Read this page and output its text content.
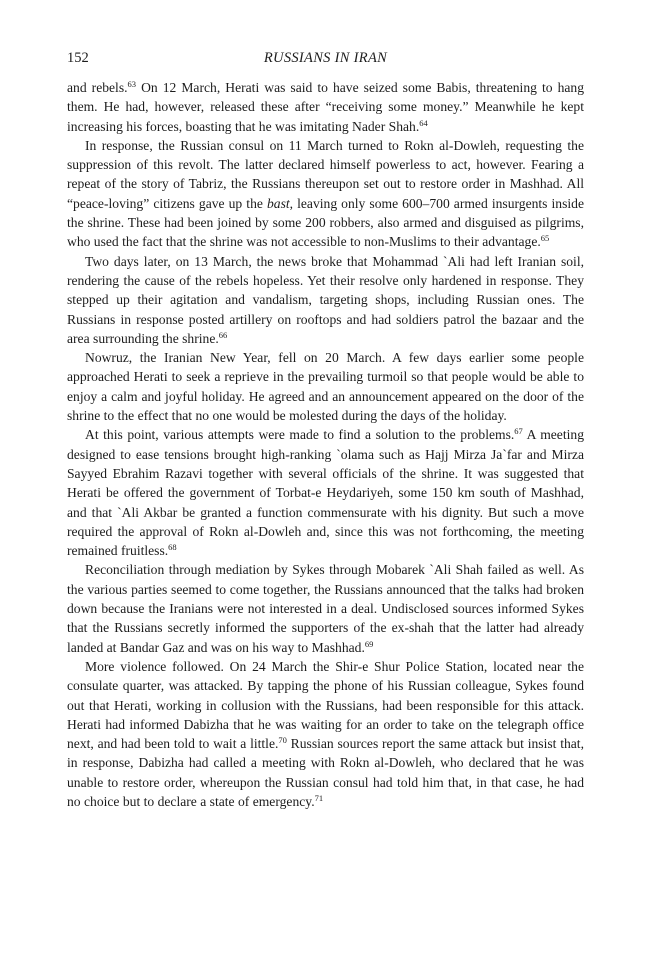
152	RUSSIANS IN IRAN

and rebels.$^{63}$ On 12 March, Herati was said to have seized some Babis, threatening to hang them. He had, however, released these after “receiving some money.” Meanwhile he kept increasing his forces, boasting that he was imitating Nader Shah.$^{64}$

In response, the Russian consul on 11 March turned to Rokn al-Dowleh, requesting the suppression of this revolt. The latter declared himself powerless to act, however. Fearing a repeat of the story of Tabriz, the Russians thereupon set out to restore order in Mashhad. All “peace-loving” citizens gave up the bast, leaving only some 600–700 armed insurgents inside the shrine. These had been joined by some 200 robbers, also armed and disguised as pilgrims, who used the fact that the shrine was not accessible to non-Muslims to their advantage.$^{65}$

Two days later, on 13 March, the news broke that Mohammad `Ali had left Iranian soil, rendering the cause of the rebels hopeless. Yet their resolve only hardened in response. They stepped up their agitation and vandalism, targeting shops, including Russian ones. The Russians in response posted artillery on rooftops and had soldiers patrol the bazaar and the area surrounding the shrine.$^{66}$

Nowruz, the Iranian New Year, fell on 20 March. A few days earlier some people approached Herati to seek a reprieve in the prevailing turmoil so that people would be able to enjoy a calm and joyful holiday. He agreed and an announcement appeared on the door of the shrine to the effect that no one would be molested during the days of the holiday.

At this point, various attempts were made to find a solution to the problems.$^{67}$ A meeting designed to ease tensions brought high-ranking `olama such as Hajj Mirza Ja`far and Mirza Sayyed Ebrahim Razavi together with several officials of the shrine. It was suggested that Herati be offered the government of Torbat-e Heydariyeh, some 150 km south of Mashhad, and that `Ali Akbar be granted a function commensurate with his dignity. But such a move required the approval of Rokn al-Dowleh and, since this was not forthcoming, the meeting remained fruitless.$^{68}$

Reconciliation through mediation by Sykes through Mobarek `Ali Shah failed as well. As the various parties seemed to come together, the Russians announced that the talks had broken down because the Iranians were not interested in a deal. Undisclosed sources informed Sykes that the Russians secretly informed the supporters of the ex-shah that the latter had already landed at Bandar Gaz and was on his way to Mashhad.$^{69}$

More violence followed. On 24 March the Shir-e Shur Police Station, located near the consulate quarter, was attacked. By tapping the phone of his Russian colleague, Sykes found out that Herati, working in collusion with the Russians, had been responsible for this attack. Herati had informed Dabizha that he was waiting for an order to take on the telegraph office next, and had been told to wait a little.$^{70}$ Russian sources report the same attack but insist that, in response, Dabizha had called a meeting with Rokn al-Dowleh, who declared that he was unable to restore order, whereupon the Russian consul had told him that, in that case, he had no choice but to declare a state of emergency.$^{71}$
